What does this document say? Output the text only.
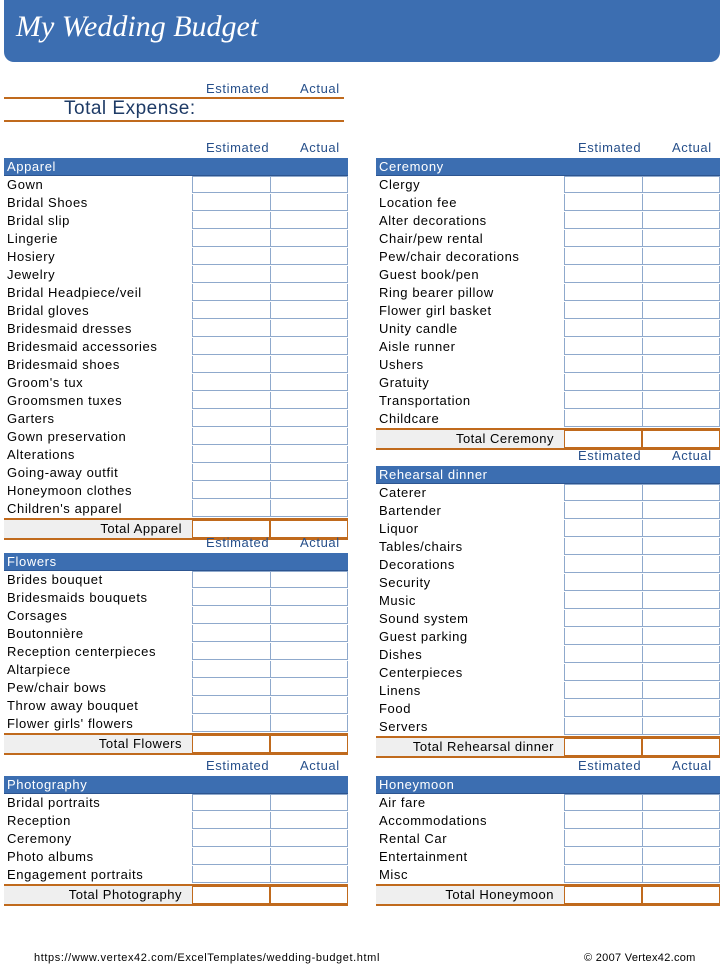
My Wedding Budget
Estimated Actual
Total Expense:
Estimated Actual
Apparel
Gown
Bridal Shoes
Bridal slip
Lingerie
Hosiery
Jewelry
Bridal Headpiece/veil
Bridal gloves
Bridesmaid dresses
Bridesmaid accessories
Bridesmaid shoes
Groom's tux
Groomsmen tuxes
Garters
Gown preservation
Alterations
Going-away outfit
Honeymoon clothes
Children's apparel
Total Apparel
Estimated Actual
Ceremony
Clergy
Location fee
Alter decorations
Chair/pew rental
Pew/chair decorations
Guest book/pen
Ring bearer pillow
Flower girl basket
Unity candle
Aisle runner
Ushers
Gratuity
Transportation
Childcare
Total Ceremony
Estimated Actual
Flowers
Brides bouquet
Bridesmaids bouquets
Corsages
Boutonnière
Reception centerpieces
Altarpiece
Pew/chair bows
Throw away bouquet
Flower girls' flowers
Total Flowers
Estimated Actual
Rehearsal dinner
Caterer
Bartender
Liquor
Tables/chairs
Decorations
Security
Music
Sound system
Guest parking
Dishes
Centerpieces
Linens
Food
Servers
Total Rehearsal dinner
Estimated Actual
Photography
Bridal portraits
Reception
Ceremony
Photo albums
Engagement portraits
Total Photography
Estimated Actual
Honeymoon
Air fare
Accommodations
Rental Car
Entertainment
Misc
Total Honeymoon
https://www.vertex42.com/ExcelTemplates/wedding-budget.html	© 2007 Vertex42.com
